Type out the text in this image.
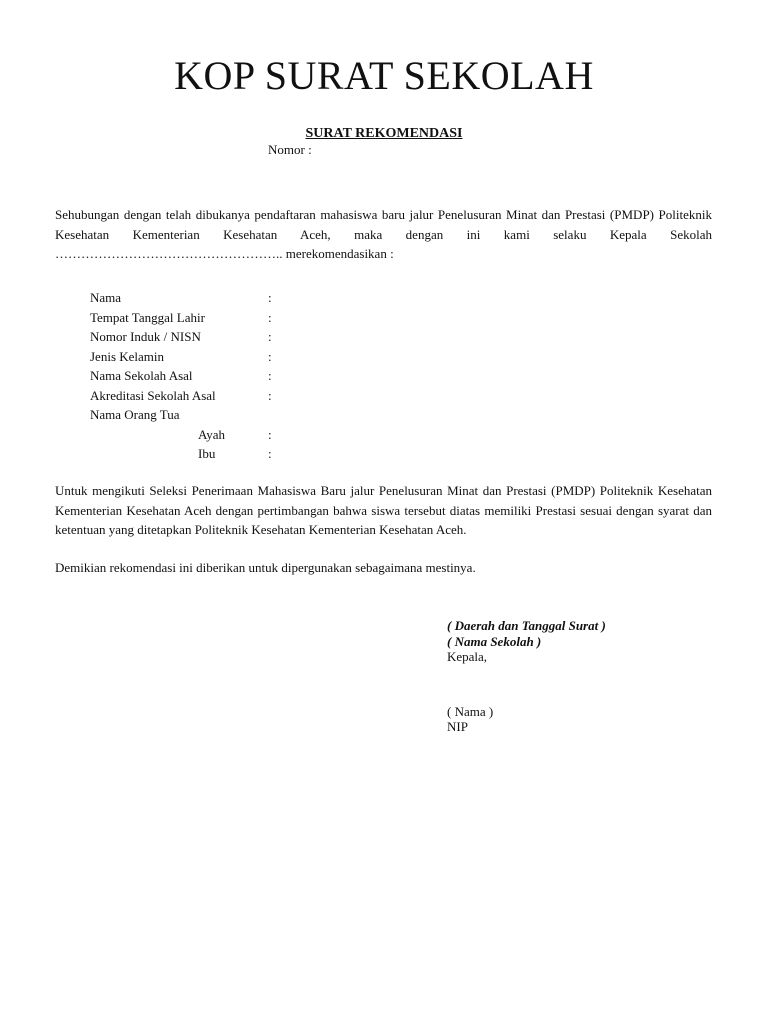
KOP SURAT SEKOLAH
SURAT REKOMENDASI
Nomor :
Sehubungan dengan telah dibukanya pendaftaran mahasiswa baru jalur Penelusuran Minat dan Prestasi (PMDP) Politeknik Kesehatan Kementerian Kesehatan Aceh, maka dengan ini kami selaku Kepala Sekolah …………………………………………….. merekomendasikan :
Nama	:
Tempat Tanggal Lahir	:
Nomor Induk / NISN	:
Jenis Kelamin	:
Nama Sekolah Asal	:
Akreditasi Sekolah Asal	:
Nama Orang Tua
Ayah	:
Ibu	:
Untuk mengikuti Seleksi Penerimaan Mahasiswa Baru jalur Penelusuran Minat dan Prestasi (PMDP) Politeknik Kesehatan Kementerian Kesehatan Aceh dengan pertimbangan bahwa siswa tersebut diatas memiliki Prestasi sesuai dengan syarat dan ketentuan yang ditetapkan Politeknik Kesehatan Kementerian Kesehatan Aceh.
Demikian rekomendasi ini diberikan untuk dipergunakan sebagaimana mestinya.
( Daerah dan Tanggal Surat )
( Nama Sekolah )
Kepala,
( Nama )
NIP
